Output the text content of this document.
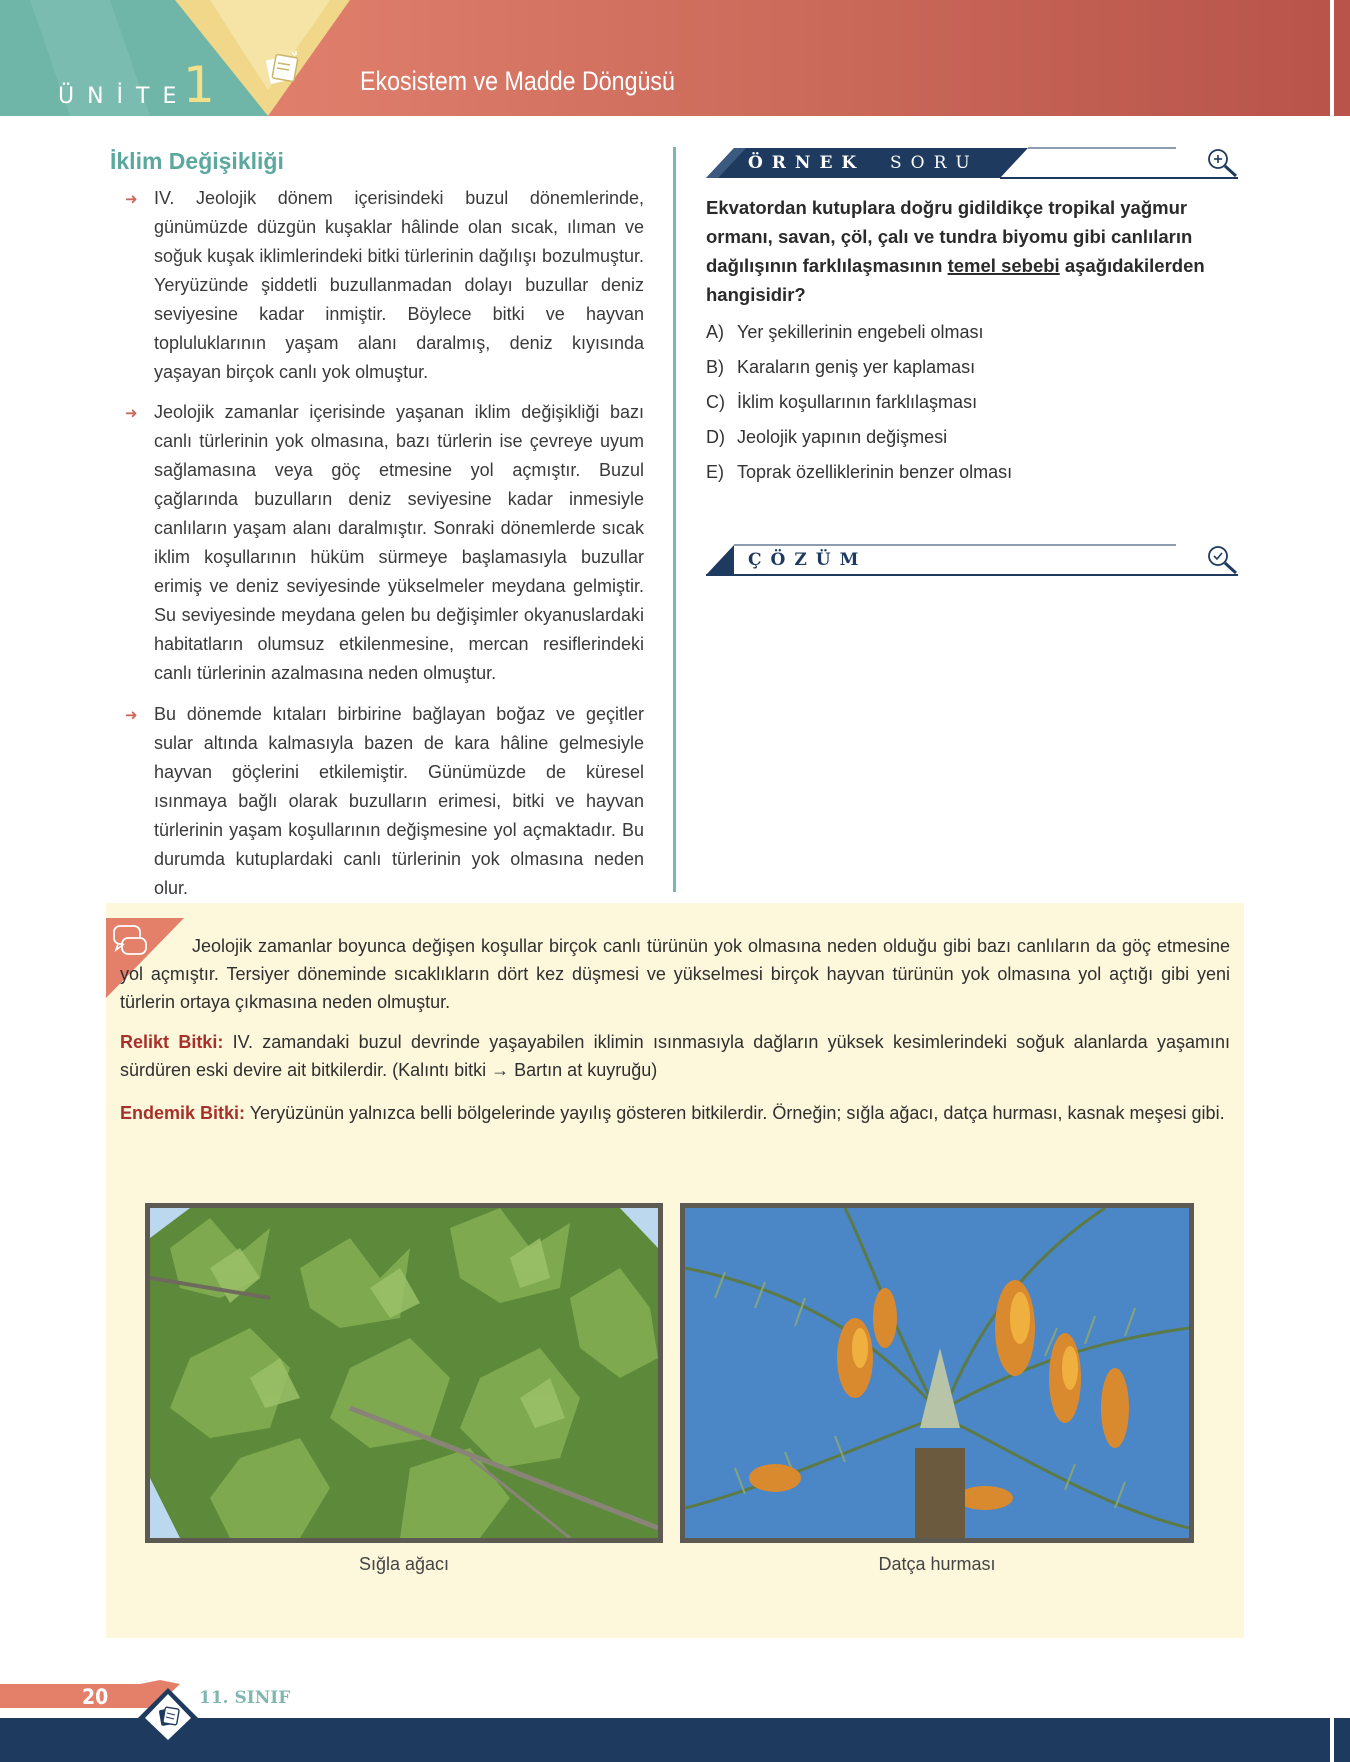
ÜNİTE
1	Ekosistem ve Madde Döngüsü
İklim Değişikliği
➜ IV. Jeolojik dönem içerisindeki buzul dönemlerinde, günümüzde düzgün kuşaklar hâlinde olan sıcak, ılıman ve soğuk kuşak iklimlerindeki bitki türlerinin dağılışı bozulmuştur. Yeryüzünde şiddetli buzullanmadan dolayı buzullar deniz seviyesine kadar inmiştir. Böylece bitki ve hayvan topluluklarının yaşam alanı daralmış, deniz kıyısında yaşayan birçok canlı yok olmuştur.
➜ Jeolojik zamanlar içerisinde yaşanan iklim değişikliği bazı canlı türlerinin yok olmasına, bazı türlerin ise çevreye uyum sağlamasına veya göç etmesine yol açmıştır. Buzul çağlarında buzulların deniz seviyesine kadar inmesiyle canlıların yaşam alanı daralmıştır. Sonraki dönemlerde sıcak iklim koşullarının hüküm sürmeye başlamasıyla buzullar erimiş ve deniz seviyesinde yükselmeler meydana gelmiştir. Su seviyesinde meydana gelen bu değişimler okyanuslardaki habitatların olumsuz etkilenmesine, mercan resiflerindeki canlı türlerinin azalmasına neden olmuştur.
➜ Bu dönemde kıtaları birbirine bağlayan boğaz ve geçitler sular altında kalmasıyla bazen de kara hâline gelmesiyle hayvan göçlerini etkilemiştir. Günümüzde de küresel ısınmaya bağlı olarak buzulların erimesi, bitki ve hayvan türlerinin yaşam koşullarının değişmesine yol açmaktadır. Bu durumda kutuplardaki canlı türlerinin yok olmasına neden olur.
ÖRNEK SORU
Ekvatordan kutuplara doğru gidildikçe tropikal yağmur ormanı, savan, çöl, çalı ve tundra biyomu gibi canlıların dağılışının farklılaşmasının temel sebebi aşağıdakilerden hangisidir?
A) Yer şekillerinin engebeli olması
B) Karaların geniş yer kaplaması
C) İklim koşullarının farklılaşması
D) Jeolojik yapının değişmesi
E) Toprak özelliklerinin benzer olması
ÇÖZÜM
Jeolojik zamanlar boyunca değişen koşullar birçok canlı türünün yok olmasına neden olduğu gibi bazı canlıların da göç etmesine yol açmıştır. Tersiyer döneminde sıcaklıkların dört kez düşmesi ve yükselmesi birçok hayvan türünün yok olmasına yol açtığı gibi yeni türlerin ortaya çıkmasına neden olmuştur.
Relikt Bitki: IV. zamandaki buzul devrinde yaşayabilen iklimin ısınmasıyla dağların yüksek kesimlerindeki soğuk alanlarda yaşamını sürdüren eski devire ait bitkilerdir. (Kalıntı bitki → Bartın at kuyruğu)
Endemik Bitki: Yeryüzünün yalnızca belli bölgelerinde yayılış gösteren bitkilerdir. Örneğin; sığla ağacı, datça hurması, kasnak meşesi gibi.
Sığla ağacı	Datça hurması
20	11. SINIF
